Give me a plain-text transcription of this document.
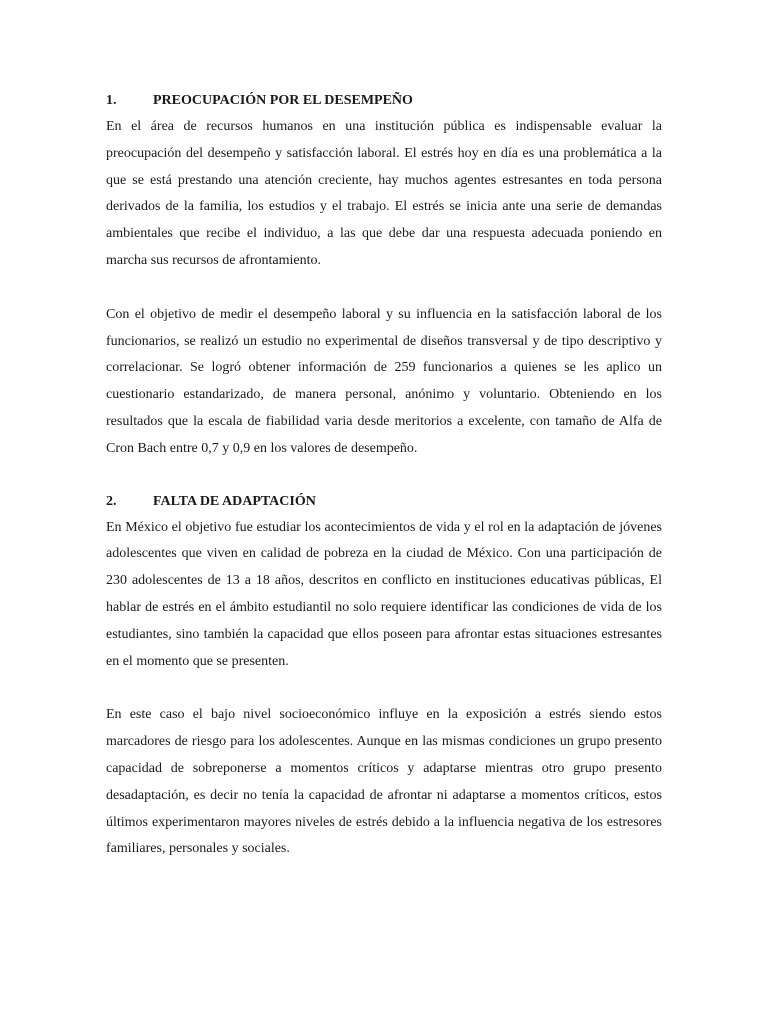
1.	PREOCUPACIÓN POR EL DESEMPEÑO

En el área de recursos humanos en una institución pública es indispensable evaluar la preocupación del desempeño y satisfacción laboral. El estrés hoy en día es una problemática a la que se está prestando una atención creciente, hay muchos agentes estresantes en toda persona derivados de la familia, los estudios y el trabajo. El estrés se inicia ante una serie de demandas ambientales que recibe el individuo, a las que debe dar una respuesta adecuada poniendo en marcha sus recursos de afrontamiento.

Con el objetivo de medir el desempeño laboral y su influencia en la satisfacción laboral de los funcionarios, se realizó un estudio no experimental de diseños transversal y de tipo descriptivo y correlacionar. Se logró obtener información de 259 funcionarios a quienes se les aplico un cuestionario estandarizado, de manera personal, anónimo y voluntario. Obteniendo en los resultados que la escala de fiabilidad varia desde meritorios a excelente, con tamaño de Alfa de Cron Bach entre 0,7 y 0,9 en los valores de desempeño.

2.	FALTA DE ADAPTACIÓN

En México el objetivo fue estudiar los acontecimientos de vida y el rol en la adaptación de jóvenes adolescentes que viven en calidad de pobreza en la ciudad de México. Con una participación de 230 adolescentes de 13 a 18 años, descritos en conflicto en instituciones educativas públicas, El hablar de estrés en el ámbito estudiantil no solo requiere identificar las condiciones de vida de los estudiantes, sino también la capacidad que ellos poseen para afrontar estas situaciones estresantes en el momento que se presenten.

En este caso el bajo nivel socioeconómico influye en la exposición a estrés siendo estos marcadores de riesgo para los adolescentes. Aunque en las mismas condiciones un grupo presento capacidad de sobreponerse a momentos críticos y adaptarse mientras otro grupo presento desadaptación, es decir no tenía la capacidad de afrontar ni adaptarse a momentos críticos, estos últimos experimentaron mayores niveles de estrés debido a la influencia negativa de los estresores familiares, personales y sociales.
